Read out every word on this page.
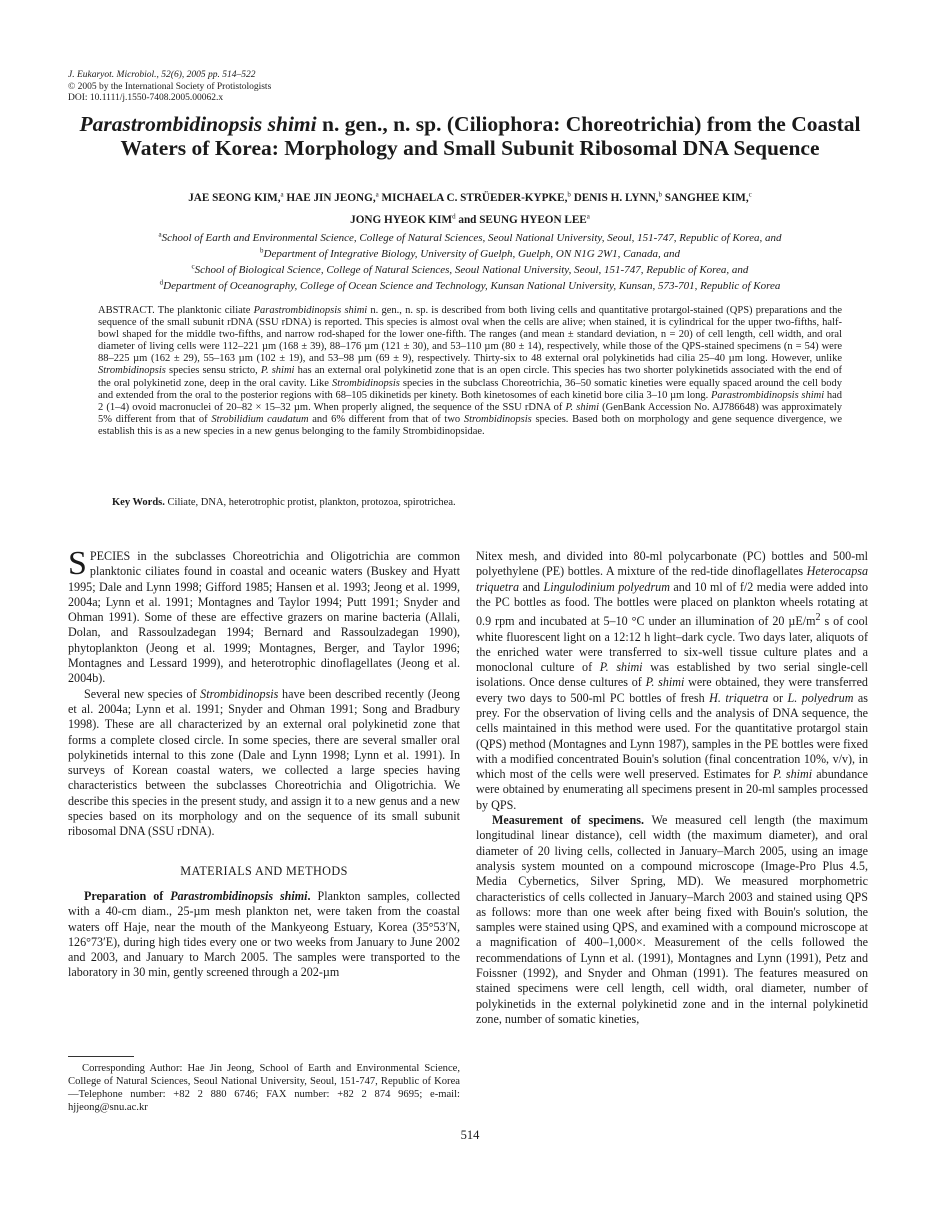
J. Eukaryot. Microbiol., 52(6), 2005 pp. 514–522
© 2005 by the International Society of Protistologists
DOI: 10.1111/j.1550-7408.2005.00062.x
Parastrombidinopsis shimi n. gen., n. sp. (Ciliophora: Choreotrichia) from the Coastal Waters of Korea: Morphology and Small Subunit Ribosomal DNA Sequence
JAE SEONG KIM,$^a$ HAE JIN JEONG,$^a$ MICHAELA C. STRÜEDER-KYPKE,$^b$ DENIS H. LYNN,$^b$ SANGHEE KIM,$^c$
JONG HYEOK KIM$^d$ and SEUNG HYEON LEE$^a$
$^a$School of Earth and Environmental Science, College of Natural Sciences, Seoul National University, Seoul, 151-747, Republic of Korea, and
$^b$Department of Integrative Biology, University of Guelph, Guelph, ON N1G 2W1, Canada, and
$^c$School of Biological Science, College of Natural Sciences, Seoul National University, Seoul, 151-747, Republic of Korea, and
$^d$Department of Oceanography, College of Ocean Science and Technology, Kunsan National University, Kunsan, 573-701, Republic of Korea
ABSTRACT. The planktonic ciliate Parastrombidinopsis shimi n. gen., n. sp. is described from both living cells and quantitative protargol-stained (QPS) preparations and the sequence of the small subunit rDNA (SSU rDNA) is reported. This species is almost oval when the cells are alive; when stained, it is cylindrical for the upper two-fifths, half-bowl shaped for the middle two-fifths, and narrow rod-shaped for the lower one-fifth. The ranges (and mean ± standard deviation, n = 20) of cell length, cell width, and oral diameter of living cells were 112–221 µm (168 ± 39), 88–176 µm (121 ± 30), and 53–110 µm (80 ± 14), respectively, while those of the QPS-stained specimens (n = 54) were 88–225 µm (162 ± 29), 55–163 µm (102 ± 19), and 53–98 µm (69 ± 9), respectively. Thirty-six to 48 external oral polykinetids had cilia 25–40 µm long. However, unlike Strombidinopsis species sensu stricto, P. shimi has an external oral polykinetid zone that is an open circle. This species has two shorter polykinetids associated with the end of the oral polykinetid zone, deep in the oral cavity. Like Strombidinopsis species in the subclass Choreotrichia, 36–50 somatic kineties were equally spaced around the cell body and extended from the oral to the posterior regions with 68–105 dikinetids per kinety. Both kinetosomes of each kinetid bore cilia 3–10 µm long. Parastrombidinopsis shimi had 2 (1–4) ovoid macronuclei of 20–82 × 15–32 µm. When properly aligned, the sequence of the SSU rDNA of P. shimi (GenBank Accession No. AJ786648) was approximately 5% different from that of Strobilidium caudatum and 6% different from that of two Strombidinopsis species. Based both on morphology and gene sequence divergence, we establish this is as a new species in a new genus belonging to the family Strombidinopsidae.
Key Words. Ciliate, DNA, heterotrophic protist, plankton, protozoa, spirotrichea.

SPECIES in the subclasses Choreotrichia and Oligotrichia are common planktonic ciliates found in coastal and oceanic waters (Buskey and Hyatt 1995; Dale and Lynn 1998; Gifford 1985; Hansen et al. 1993; Jeong et al. 1999, 2004a; Lynn et al. 1991; Montagnes and Taylor 1994; Putt 1991; Snyder and Ohman 1991). Some of these are effective grazers on marine bacteria (Allali, Dolan, and Rassoulzadegan 1994; Bernard and Rassoulzadegan 1990), phytoplankton (Jeong et al. 1999; Montagnes, Berger, and Taylor 1996; Montagnes and Lessard 1999), and heterotrophic dinoflagellates (Jeong et al. 2004b).

Several new species of Strombidinopsis have been described recently (Jeong et al. 2004a; Lynn et al. 1991; Snyder and Ohman 1991; Song and Bradbury 1998). These are all characterized by an external oral polykinetid zone that forms a complete closed circle. In some species, there are several smaller oral polykinetids internal to this zone (Dale and Lynn 1998; Lynn et al. 1991). In surveys of Korean coastal waters, we collected a large species having characteristics between the subclasses Choreotrichia and Oligotrichia. We describe this species in the present study, and assign it to a new genus and a new species based on its morphology and on the sequence of its small subunit ribosomal DNA (SSU rDNA).

MATERIALS AND METHODS

Preparation of Parastrombidinopsis shimi. Plankton samples, collected with a 40-cm diam., 25-µm mesh plankton net, were taken from the coastal waters off Haje, near the mouth of the Mankyeong Estuary, Korea (35°53′N, 126°73′E), during high tides every one or two weeks from January to June 2002 and 2003, and January to March 2005. The samples were transported to the laboratory in 30 min, gently screened through a 202-µm

Corresponding Author: Hae Jin Jeong, School of Earth and Environmental Science, College of Natural Sciences, Seoul National University, Seoul, 151-747, Republic of Korea—Telephone number: +82 2 880 6746; FAX number: +82 2 874 9695; e-mail: hjjeong@snu.ac.kr

Nitex mesh, and divided into 80-ml polycarbonate (PC) bottles and 500-ml polyethylene (PE) bottles. A mixture of the red-tide dinoflagellates Heterocapsa triquetra and Lingulodinium polyedrum and 10 ml of f/2 media were added into the PC bottles as food. The bottles were placed on plankton wheels rotating at 0.9 rpm and incubated at 5–10 °C under an illumination of 20 $\mu E/m^2$ s of cool white fluorescent light on a 12:12 h light–dark cycle. Two days later, aliquots of the enriched water were transferred to six-well tissue culture plates and a monoclonal culture of P. shimi was established by two serial single-cell isolations. Once dense cultures of P. shimi were obtained, they were transferred every two days to 500-ml PC bottles of fresh H. triquetra or L. polyedrum as prey. For the observation of living cells and the analysis of DNA sequence, the cells maintained in this method were used. For the quantitative protargol stain (QPS) method (Montagnes and Lynn 1987), samples in the PE bottles were fixed with a modified concentrated Bouin's solution (final concentration 10%, v/v), in which most of the cells were well preserved. Estimates for P. shimi abundance were obtained by enumerating all specimens present in 20-ml samples processed by QPS.

Measurement of specimens. We measured cell length (the maximum longitudinal linear distance), cell width (the maximum diameter), and oral diameter of 20 living cells, collected in January–March 2005, using an image analysis system mounted on a compound microscope (Image-Pro Plus 4.5, Media Cybernetics, Silver Spring, MD). We measured morphometric characteristics of cells collected in January–March 2003 and stained using QPS as follows: more than one week after being fixed with Bouin's solution, the samples were stained using QPS, and examined with a compound microscope at a magnification of 400–1,000×. Measurement of the cells followed the recommendations of Lynn et al. (1991), Montagnes and Lynn (1991), Petz and Foissner (1992), and Snyder and Ohman (1991). The features measured on stained specimens were cell length, cell width, oral diameter, number of polykinetids in the external polykinetid zone and in the internal polykinetid zone, number of somatic kineties,

514
